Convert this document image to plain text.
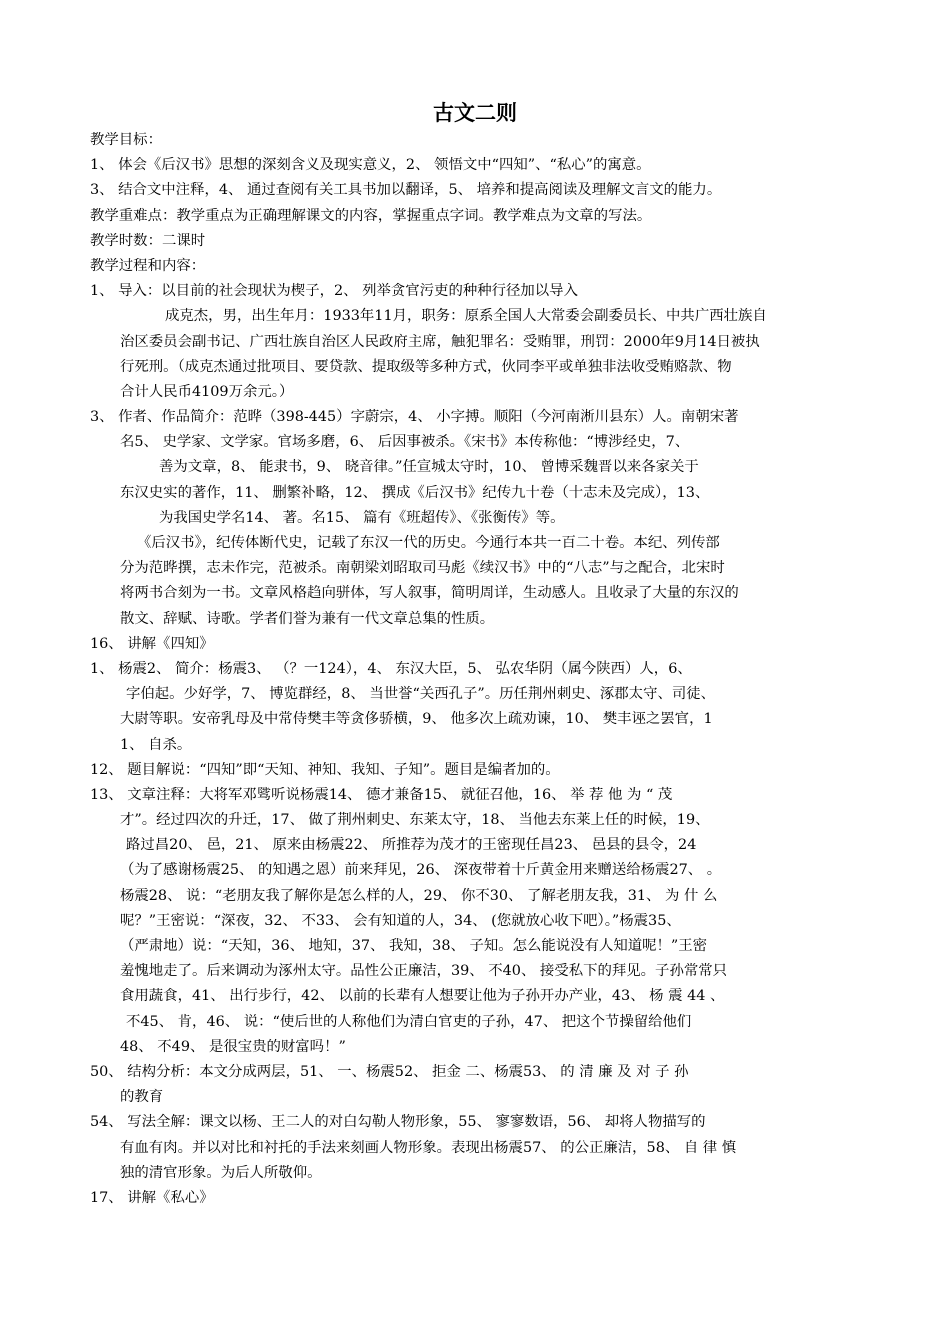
古文二则
教学目标：
1、 体会《后汉书》思想的深刻含义及现实意义，2、 领悟文中“四知”、“私心”的寓意。
3、 结合文中注释，4、 通过查阅有关工具书加以翻译，5、 培养和提高阅读及理解文言文的能力。
教学重难点：教学重点为正确理解课文的内容，掌握重点字词。教学难点为文章的写法。
教学时数：二课时
教学过程和内容：
1、 导入：以目前的社会现状为楔子，2、 列举贪官污吏的种种行径加以导入
成克杰，男，出生年月：1933年11月，职务：原系全国人大常委会副委员长、中共广西壮族自
治区委员会副书记、广西壮族自治区人民政府主席，触犯罪名：受贿罪，刑罚：2000年9月14日被执
行死刑。（成克杰通过批项目、要贷款、提取级等多种方式，伙同李平或单独非法收受贿赂款、物
合计人民币4109万余元。）
3、 作者、作品简介：范晔（398-445）字蔚宗，4、 小字搏。顺阳（今河南淅川县东）人。南朝宋著
名5、 史学家、文学家。官场多磨，6、 后因事被杀。《宋书》本传称他：“博涉经史，7、
善为文章，8、 能隶书，9、 晓音律。”任宣城太守时，10、 曾博采魏晋以来各家关于
东汉史实的著作，11、 删繁补略，12、 撰成《后汉书》纪传九十卷（十志未及完成），13、
为我国史学名14、 著。名15、 篇有《班超传》、《张衡传》等。
《后汉书》，纪传体断代史，记载了东汉一代的历史。今通行本共一百二十卷。本纪、列传部
分为范晔撰，志未作完，范被杀。南朝梁刘昭取司马彪《续汉书》中的“八志”与之配合，北宋时
将两书合刻为一书。文章风格趋向骈体，写人叙事，简明周详，生动感人。且收录了大量的东汉的
散文、辞赋、诗歌。学者们誉为兼有一代文章总集的性质。
16、 讲解《四知》
1、 杨震2、 简介：杨震3、 （？一124），4、 东汉大臣，5、 弘农华阴（属今陕西）人，6、
字伯起。少好学，7、 博览群经，8、 当世誉“关西孔子”。历任荆州刺史、涿郡太守、司徒、
大尉等职。安帝乳母及中常侍樊丰等贪侈骄横，9、 他多次上疏劝谏，10、 樊丰诬之罢官，1
1、 自杀。
12、 题目解说：“四知”即“天知、神知、我知、子知”。题目是编者加的。
13、 文章注释：大将军邓骘听说杨震14、 德才兼备15、 就征召他，16、 举 荐 他 为 “ 茂
才”。经过四次的升迁，17、 做了荆州刺史、东莱太守，18、 当他去东莱上任的时候，19、
路过昌20、 邑，21、 原来由杨震22、 所推荐为茂才的王密现任昌23、 邑县的县令，24
（为了感谢杨震25、 的知遇之恩）前来拜见，26、 深夜带着十斤黄金用来赠送给杨震27、 。
杨震28、 说：“老朋友我了解你是怎么样的人，29、 你不30、 了解老朋友我，31、 为 什 么
呢？”王密说：“深夜，32、 不33、 会有知道的人，34、 (您就放心收下吧）。”杨震35、
（严肃地）说：“天知，36、 地知，37、 我知，38、 子知。怎么能说没有人知道呢！”王密
羞愧地走了。后来调动为涿州太守。品性公正廉洁，39、 不40、 接受私下的拜见。子孙常常只
食用蔬食，41、 出行步行，42、 以前的长辈有人想要让他为子孙开办产业，43、 杨 震 44 、
不45、 肯，46、 说：“使后世的人称他们为清白官吏的子孙，47、 把这个节操留给他们
48、 不49、 是很宝贵的财富吗！”
50、 结构分析：本文分成两层，51、 一、杨震52、 拒金 二、杨震53、 的 清 廉 及 对 子 孙
的教育
54、 写法全解：课文以杨、王二人的对白勾勒人物形象，55、 寥寥数语，56、 却将人物描写的
有血有肉。并以对比和衬托的手法来刻画人物形象。表现出杨震57、 的公正廉洁，58、 自 律 慎
独的清官形象。为后人所敬仰。
17、 讲解《私心》
